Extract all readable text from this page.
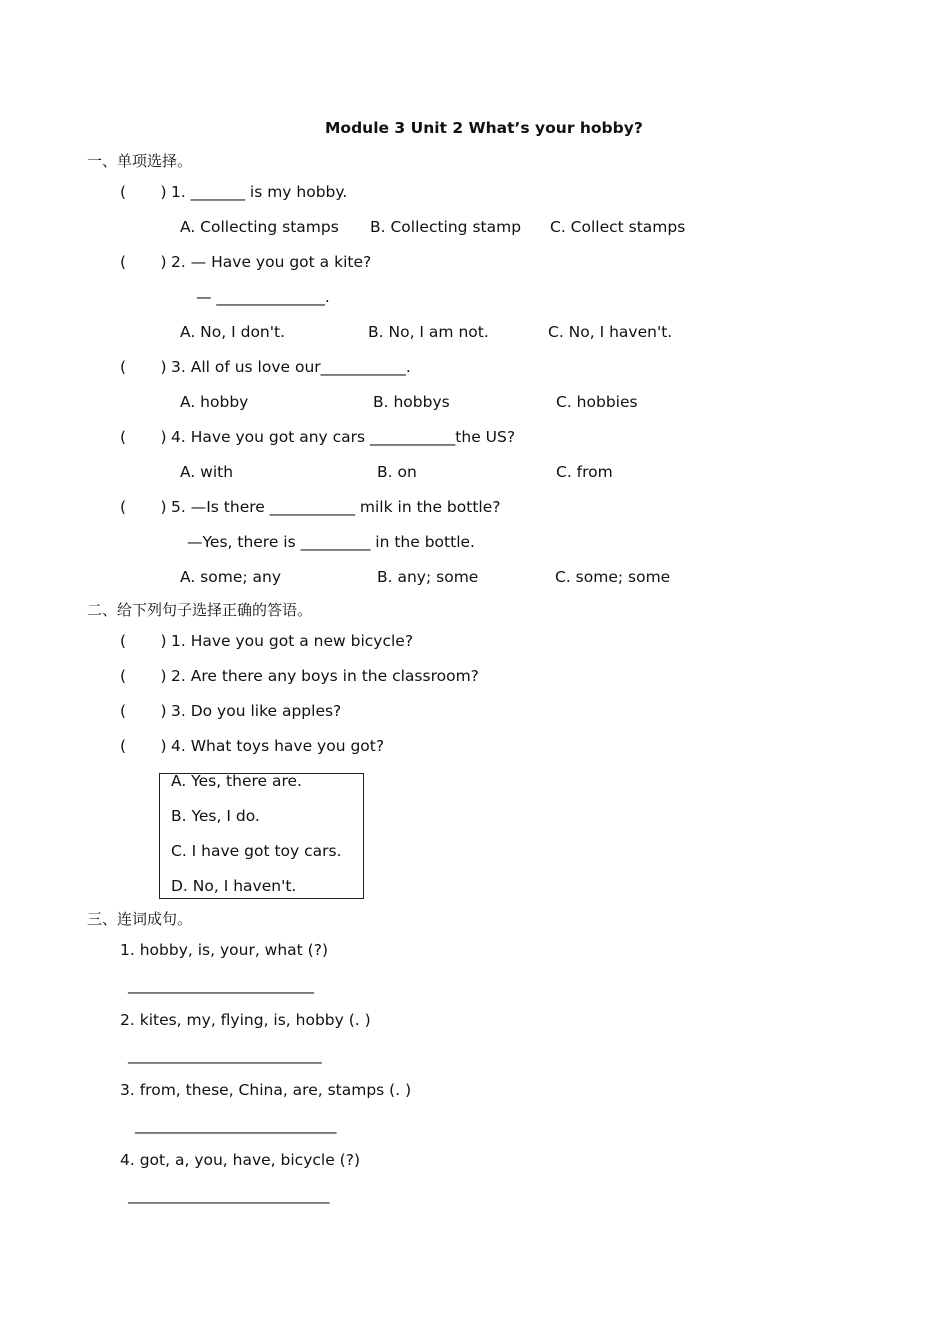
Module 3 Unit 2 What’s your hobby?
一、单项选择。
(       ) 1. _______ is my hobby.
A. Collecting stamps B. Collecting stamp C. Collect stamps
(       ) 2. — Have you got a kite?
— ______________.
A. No, I don't.	B. No, I am not.	C. No, I haven't.
(       ) 3. All of us love our___________.
A. hobby	B. hobbys	C. hobbies
(       ) 4. Have you got any cars ___________the US?
A. with	B. on	C. from
(       ) 5. —Is there ___________ milk in the bottle?
—Yes, there is _________ in the bottle.
A. some; any	B. any; some	C. some; some
二、给下列句子选择正确的答语。
(       ) 1. Have you got a new bicycle?
(       ) 2. Are there any boys in the classroom?
(       ) 3. Do you like apples?
(       ) 4. What toys have you got?
A. Yes, there are.
B. Yes, I do.
C. I have got toy cars.
D. No, I haven't.
三、连词成句。
1. hobby, is, your, what (?)
________________________
2. kites, my, flying, is, hobby (. )
_________________________
3. from, these, China, are, stamps (. )
__________________________
4. got, a, you, have, bicycle (?)
__________________________
